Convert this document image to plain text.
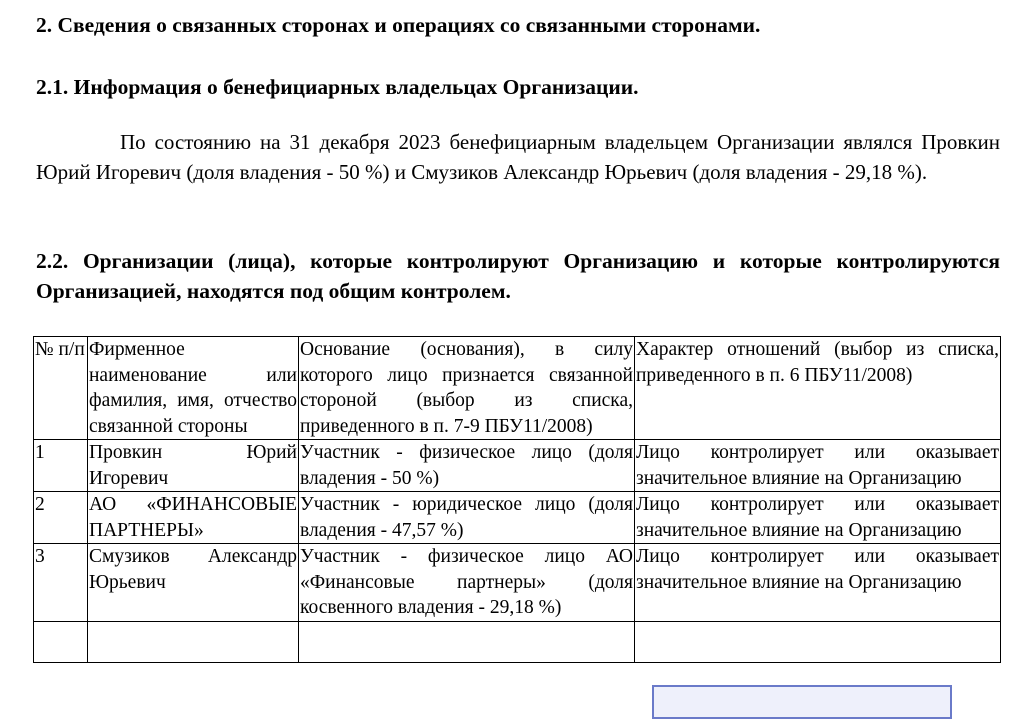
2. Сведения о связанных сторонах и операциях со связанными сторонами.
2.1. Информация о бенефициарных владельцах Организации.

По состоянию на 31 декабря 2023 бенефициарным владельцем Организации являлся Провкин Юрий Игоревич (доля владения - 50 %) и Смузиков Александр Юрьевич (доля владения - 29,18 %).

2.2. Организации (лица), которые контролируют Организацию и которые контролируются Организацией, находятся под общим контролем.
№ п/п	Фирменное наименование или фамилия, имя, отчество связанной стороны	Основание (основания), в силу которого лицо признается связанной стороной (выбор из списка, приведенного в п. 7-9 ПБУ11/2008)	Характер отношений (выбор из списка, приведенного в п. 6 ПБУ11/2008)
1	Провкин Юрий Игоревич	Участник - физическое лицо (доля владения - 50 %)	Лицо контролирует или оказывает значительное влияние на Организацию
2	АО «ФИНАНСОВЫЕ ПАРТНЕРЫ»	Участник - юридическое лицо (доля владения - 47,57 %)	Лицо контролирует или оказывает значительное влияние на Организацию
3	Смузиков Александр Юрьевич	Участник - физическое лицо АО «Финансовые партнеры» (доля косвенного владения - 29,18 %)	Лицо контролирует или оказывает значительное влияние на Организацию
